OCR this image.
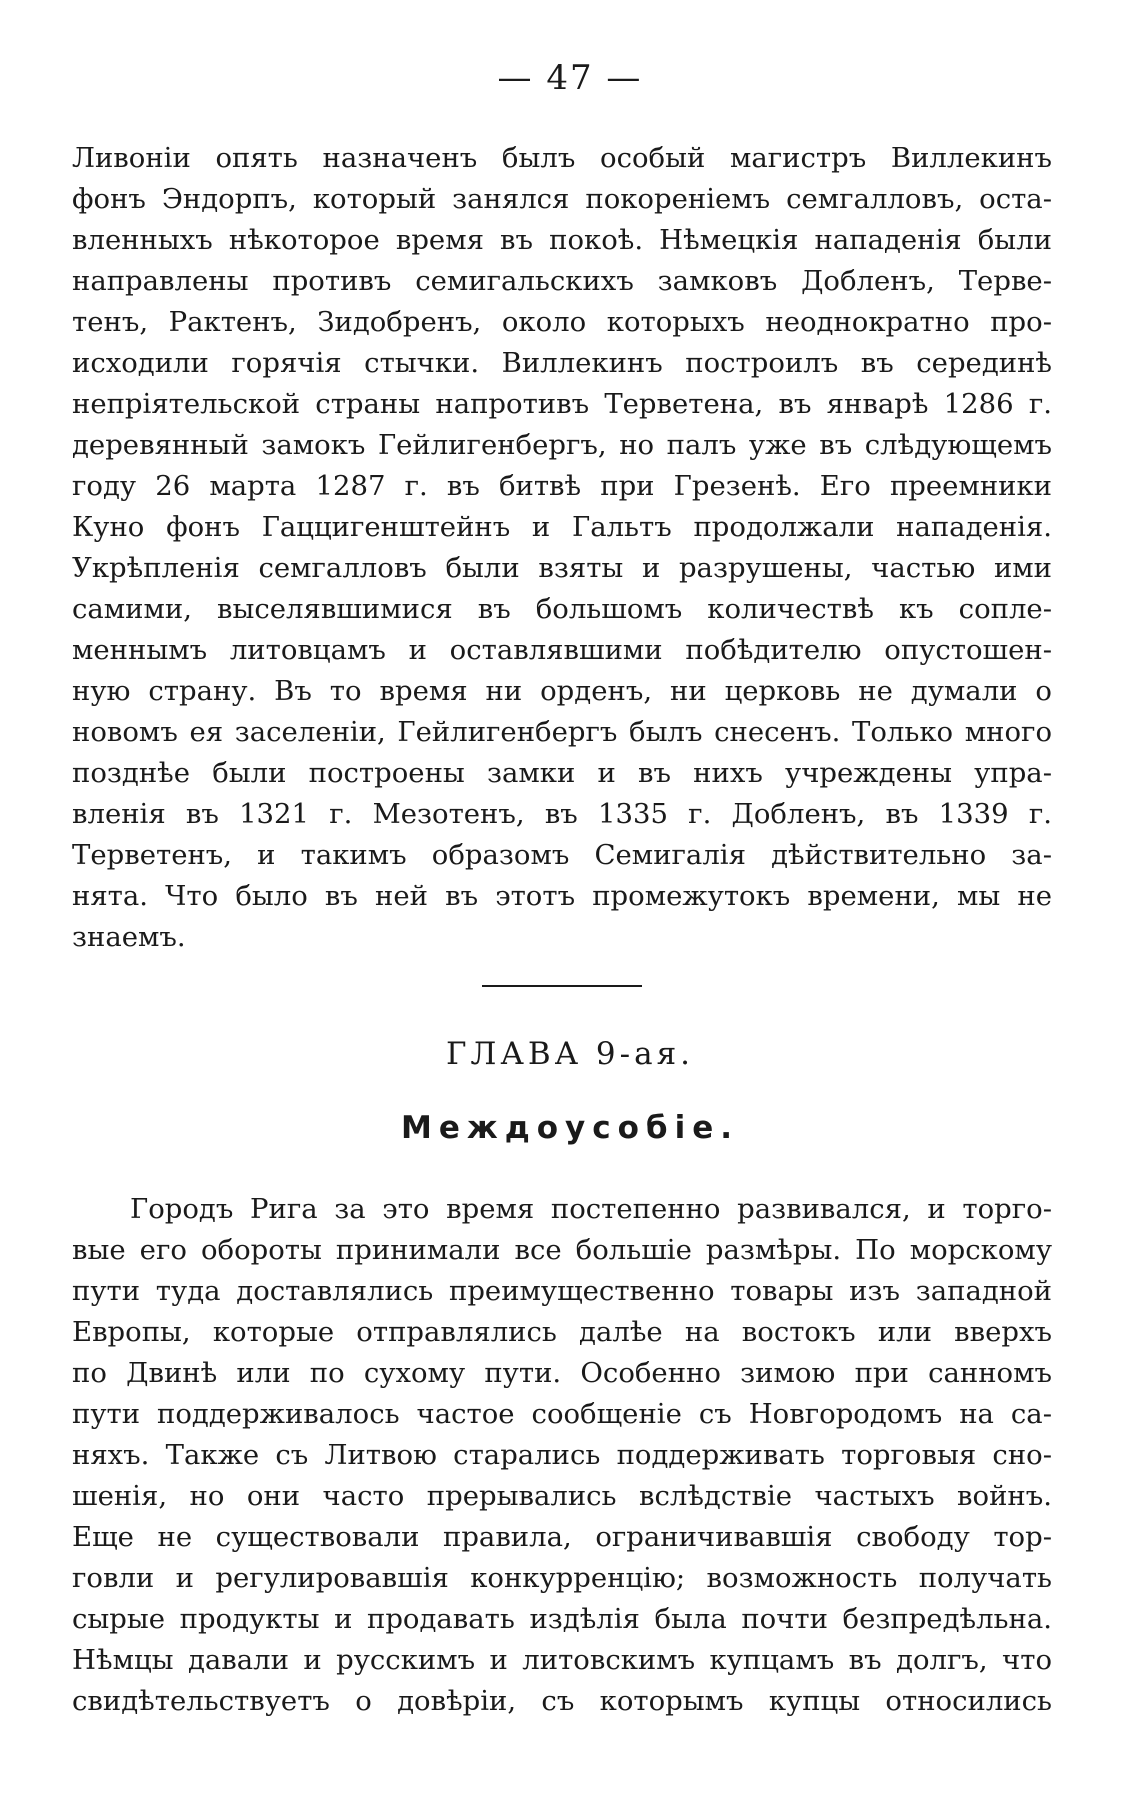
— 47 —
Ливоніи опять назначенъ былъ особый магистръ Виллекинъ
фонъ Эндорпъ, который занялся покореніемъ семгалловъ, оста-
вленныхъ нѣкоторое время въ покоѣ. Нѣмецкія нападенія были
направлены противъ семигальскихъ замковъ Добленъ, Терве-
тенъ, Рактенъ, Зидобренъ, около которыхъ неоднократно про-
исходили горячія стычки. Виллекинъ построилъ въ серединѣ
непріятельской страны напротивъ Терветена, въ январѣ 1286 г.
деревянный замокъ Гейлигенбергъ, но палъ уже въ слѣдующемъ
году 26 марта 1287 г. въ битвѣ при Грезенѣ. Его преемники
Куно фонъ Гаццигенштейнъ и Гальтъ продолжали нападенія.
Укрѣпленія семгалловъ были взяты и разрушены, частью ими
самими, выселявшимися въ большомъ количествѣ къ сопле-
меннымъ литовцамъ и оставлявшими побѣдителю опустошен-
ную страну. Въ то время ни орденъ, ни церковь не думали о
новомъ ея заселеніи, Гейлигенбергъ былъ снесенъ. Только много
позднѣе были построены замки и въ нихъ учреждены упра-
вленія въ 1321 г. Мезотенъ, въ 1335 г. Добленъ, въ 1339 г.
Терветенъ, и такимъ образомъ Семигалія дѣйствительно за-
нята. Что было въ ней въ этотъ промежутокъ времени, мы не
знаемъ.
ГЛАВА 9-ая.
Междоусобіе.
Городъ Рига за это время постепенно развивался, и торго-
вые его обороты принимали все большіе размѣры. По морскому
пути туда доставлялись преимущественно товары изъ западной
Европы, которые отправлялись далѣе на востокъ или вверхъ
по Двинѣ или по сухому пути. Особенно зимою при санномъ
пути поддерживалось частое сообщеніе съ Новгородомъ на са-
няхъ. Также съ Литвою старались поддерживать торговыя сно-
шенія, но они часто прерывались вслѣдствіе частыхъ войнъ.
Еще не существовали правила, ограничивавшія свободу тор-
говли и регулировавшія конкурренцію; возможность получать
сырые продукты и продавать издѣлія была почти безпредѣльна.
Нѣмцы давали и русскимъ и литовскимъ купцамъ въ долгъ, что
свидѣтельствуетъ о довѣріи, съ которымъ купцы относились
